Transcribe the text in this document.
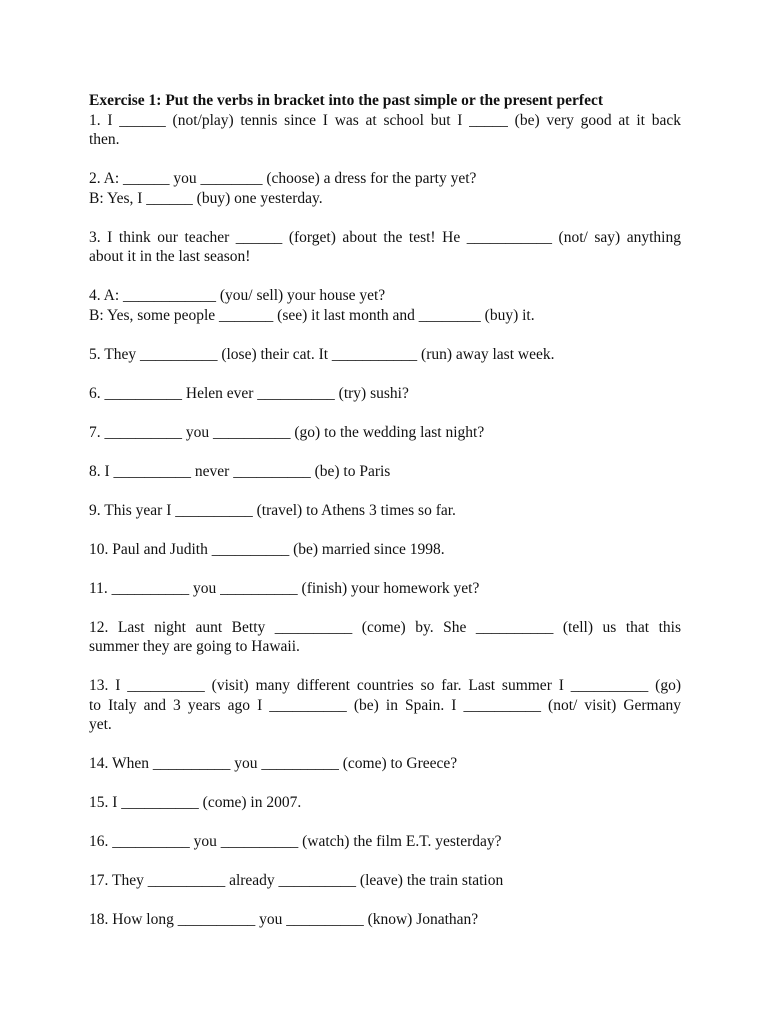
Exercise 1: Put the verbs in bracket into the past simple or the present perfect

1. I ______ (not/play) tennis since I was at school but I _____ (be) very good at it back
then.
2. A: ______ you ________ (choose) a dress for the party yet?
B: Yes, I ______ (buy) one yesterday.
3. I think our teacher ______ (forget) about the test! He ___________ (not/ say) anything
about it in the last season!
4. A: ____________ (you/ sell) your house yet?
B: Yes, some people _______ (see) it last month and ________ (buy) it.
5. They __________ (lose) their cat. It ___________ (run) away last week.
6. __________ Helen ever __________ (try) sushi?
7. __________ you __________ (go) to the wedding last night?
8. I __________ never __________ (be) to Paris
9. This year I __________ (travel) to Athens 3 times so far.
10. Paul and Judith __________ (be) married since 1998.
11. __________ you __________ (finish) your homework yet?
12. Last night aunt Betty __________ (come) by. She __________ (tell) us that this
summer they are going to Hawaii.
13. I __________ (visit) many different countries so far. Last summer I __________ (go)
to Italy and 3 years ago I __________ (be) in Spain. I __________ (not/ visit) Germany
yet.
14. When __________ you __________ (come) to Greece?
15. I __________ (come) in 2007.
16. __________ you __________ (watch) the film E.T. yesterday?
17. They __________ already __________ (leave) the train station
18. How long __________ you __________ (know) Jonathan?
